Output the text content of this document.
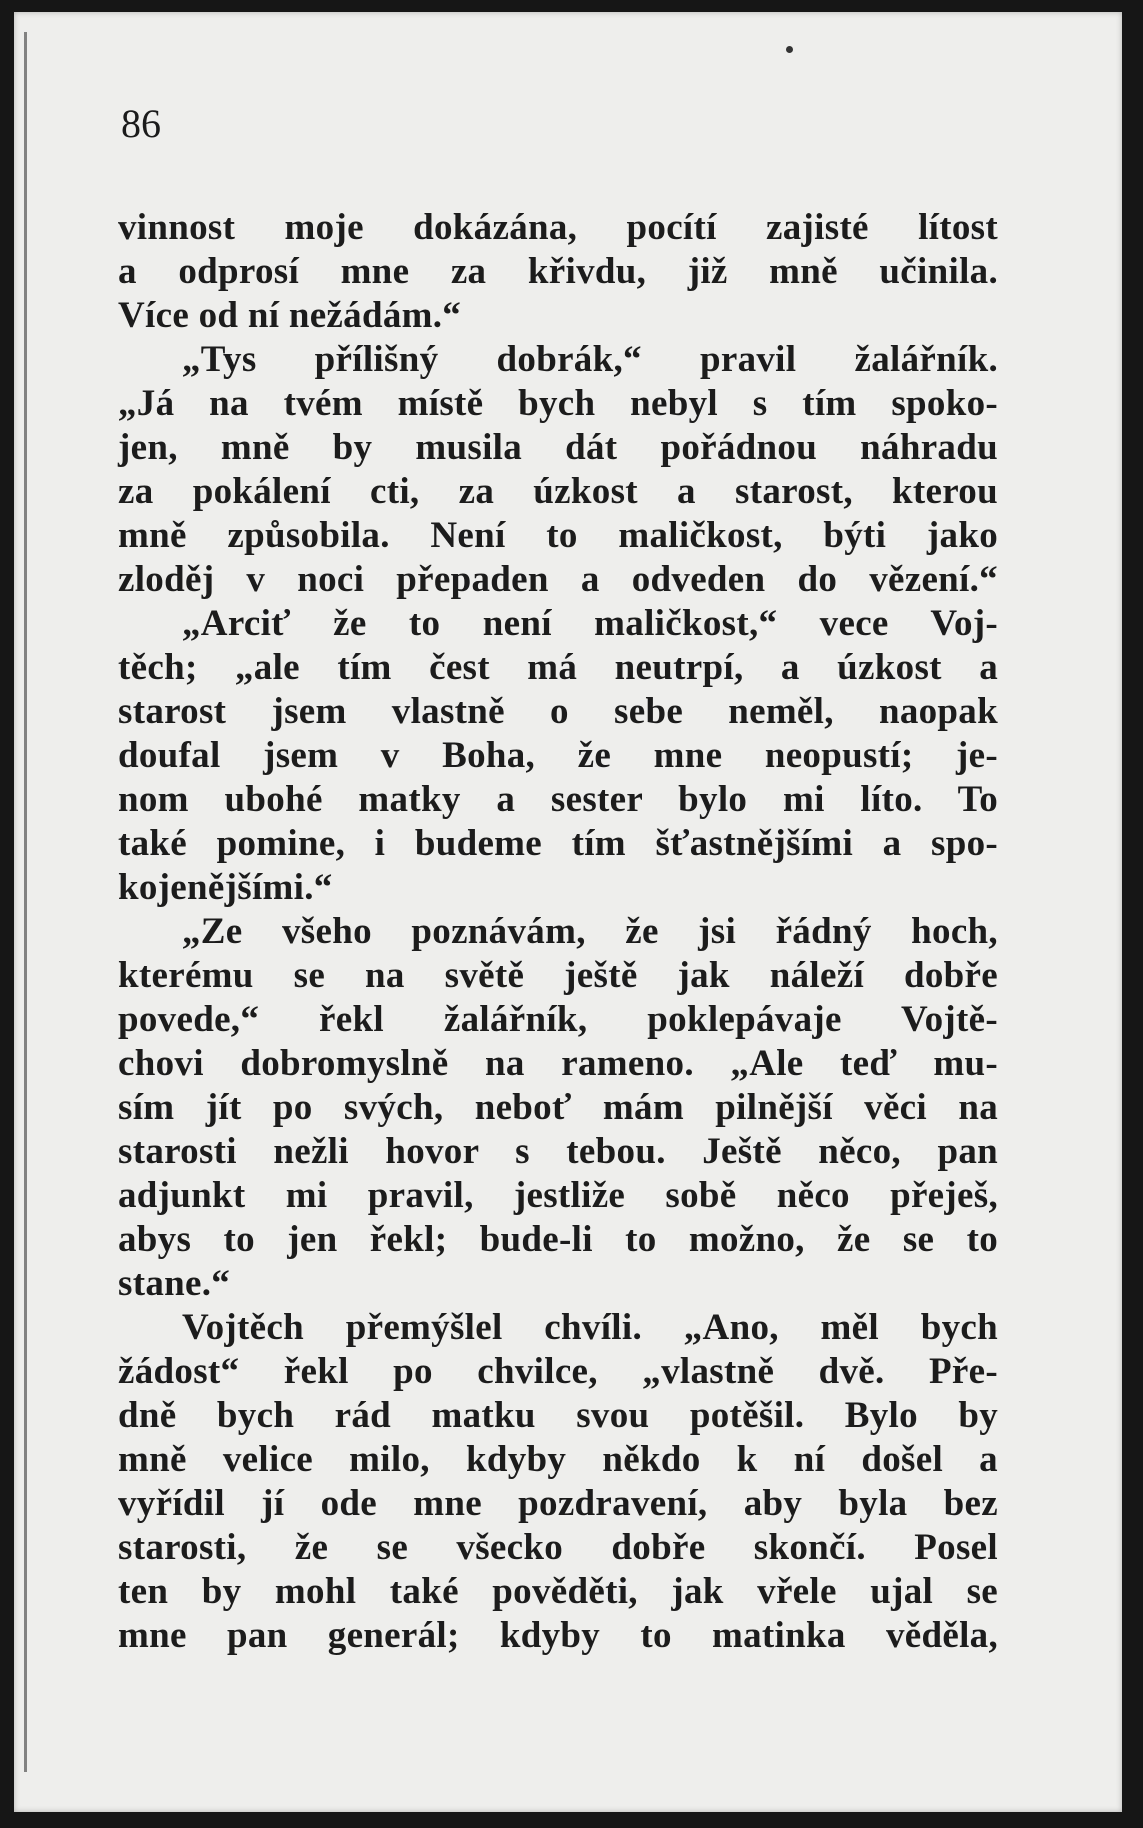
86

vinnost moje dokázána, pocítí zajisté lítost
a odprosí mne za křivdu, již mně učinila.
Více od ní nežádám.“
„Tys přílišný dobrák,“ pravil žalářník.
„Já na tvém místě bych nebyl s tím spoko-
jen, mně by musila dát pořádnou náhradu
za pokálení cti, za úzkost a starost, kterou
mně způsobila. Není to maličkost, býti jako
zloděj v noci přepaden a odveden do vězení.“
„Arciť že to není maličkost,“ vece Voj-
těch; „ale tím čest má neutrpí, a úzkost a
starost jsem vlastně o sebe neměl, naopak
doufal jsem v Boha, že mne neopustí; je-
nom ubohé matky a sester bylo mi líto. To
také pomine, i budeme tím šťastnějšími a spo-
kojenějšími.“
„Ze všeho poznávám, že jsi řádný hoch,
kterému se na světě ještě jak náleží dobře
povede,“ řekl žalářník, poklepávaje Vojtě-
chovi dobromyslně na rameno. „Ale teď mu-
sím jít po svých, neboť mám pilnější věci na
starosti nežli hovor s tebou. Ještě něco, pan
adjunkt mi pravil, jestliže sobě něco přeješ,
abys to jen řekl; bude-li to možno, že se to
stane.“
Vojtěch přemýšlel chvíli. „Ano, měl bych
žádost“ řekl po chvilce, „vlastně dvě. Pře-
dně bych rád matku svou potěšil. Bylo by
mně velice milo, kdyby někdo k ní došel a
vyřídil jí ode mne pozdravení, aby byla bez
starosti, že se všecko dobře skončí. Posel
ten by mohl také pověděti, jak vřele ujal se
mne pan generál; kdyby to matinka věděla,
